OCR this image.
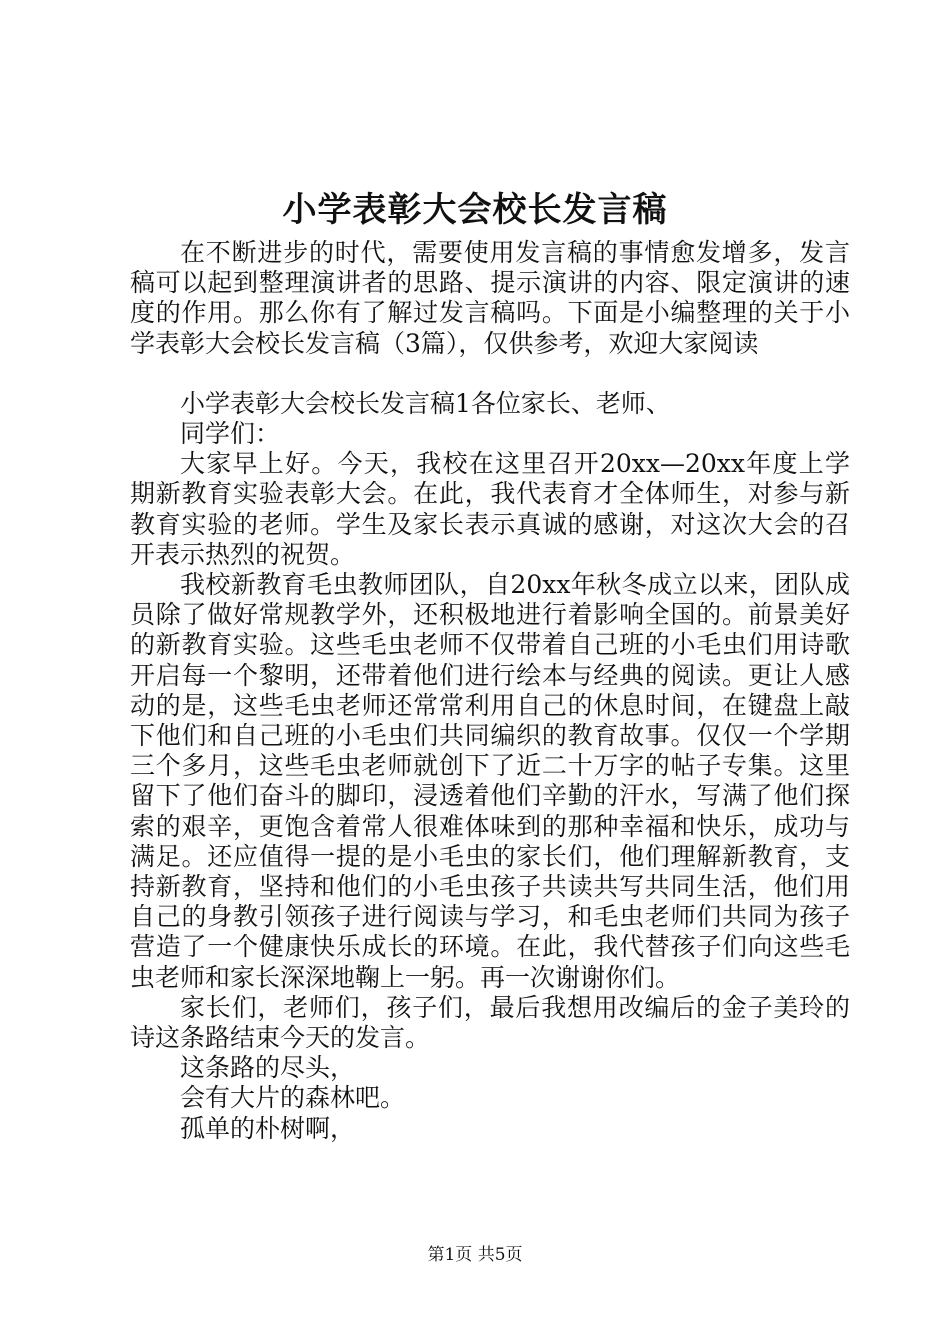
小学表彰大会校长发言稿

在不断进步的时代，需要使用发言稿的事情愈发增多，发言稿可以起到整理演讲者的思路、提示演讲的内容、限定演讲的速度的作用。那么你有了解过发言稿吗。下面是小编整理的关于小学表彰大会校长发言稿（3篇），仅供参考，欢迎大家阅读

小学表彰大会校长发言稿1各位家长、老师、

同学们：

大家早上好。今天，我校在这里召开20xx—20xx年度上学期新教育实验表彰大会。在此，我代表育才全体师生，对参与新教育实验的老师。学生及家长表示真诚的感谢，对这次大会的召开表示热烈的祝贺。

我校新教育毛虫教师团队，自20xx年秋冬成立以来，团队成员除了做好常规教学外，还积极地进行着影响全国的。前景美好的新教育实验。这些毛虫老师不仅带着自己班的小毛虫们用诗歌开启每一个黎明，还带着他们进行绘本与经典的阅读。更让人感动的是，这些毛虫老师还常常利用自己的休息时间，在键盘上敲下他们和自己班的小毛虫们共同编织的教育故事。仅仅一个学期三个多月，这些毛虫老师就创下了近二十万字的帖子专集。这里留下了他们奋斗的脚印，浸透着他们辛勤的汗水，写满了他们探索的艰辛，更饱含着常人很难体味到的那种幸福和快乐，成功与满足。还应值得一提的是小毛虫的家长们，他们理解新教育，支持新教育，坚持和他们的小毛虫孩子共读共写共同生活，他们用自己的身教引领孩子进行阅读与学习，和毛虫老师们共同为孩子营造了一个健康快乐成长的环境。在此，我代替孩子们向这些毛虫老师和家长深深地鞠上一躬。再一次谢谢你们。

家长们，老师们，孩子们，最后我想用改编后的金子美玲的诗这条路结束今天的发言。

这条路的尽头，

会有大片的森林吧。

孤单的朴树啊，

第1页 共5页
